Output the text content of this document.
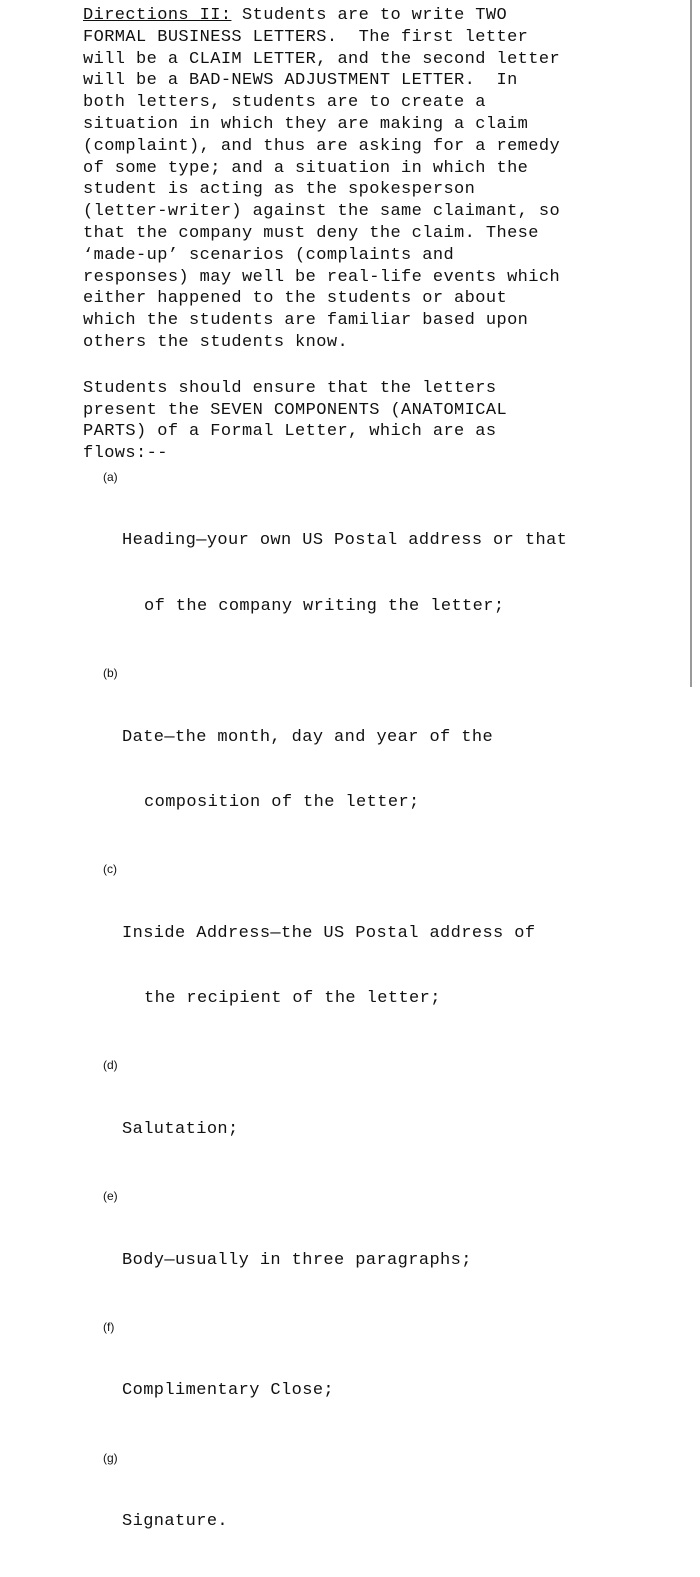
Directions II: Students are to write TWO
FORMAL BUSINESS LETTERS.  The first letter
will be a CLAIM LETTER, and the second letter
will be a BAD-NEWS ADJUSTMENT LETTER.  In
both letters, students are to create a
situation in which they are making a claim
(complaint), and thus are asking for a remedy
of some type; and a situation in which the
student is acting as the spokesperson
(letter-writer) against the same claimant, so
that the company must deny the claim. These
‘made-up’ scenarios (complaints and
responses) may well be real-life events which
either happened to the students or about
which the students are familiar based upon
others the students know.
Students should ensure that the letters
present the SEVEN COMPONENTS (ANATOMICAL
PARTS) of a Formal Letter, which are as
flows:--

(a)

Heading—your own US Postal address or that

of the company writing the letter;

(b)

Date—the month, day and year of the

composition of the letter;

(c)

Inside Address—the US Postal address of

the recipient of the letter;

(d)

Salutation;

(e)

Body—usually in three paragraphs;

(f)

Complimentary Close;

(g)

Signature.
